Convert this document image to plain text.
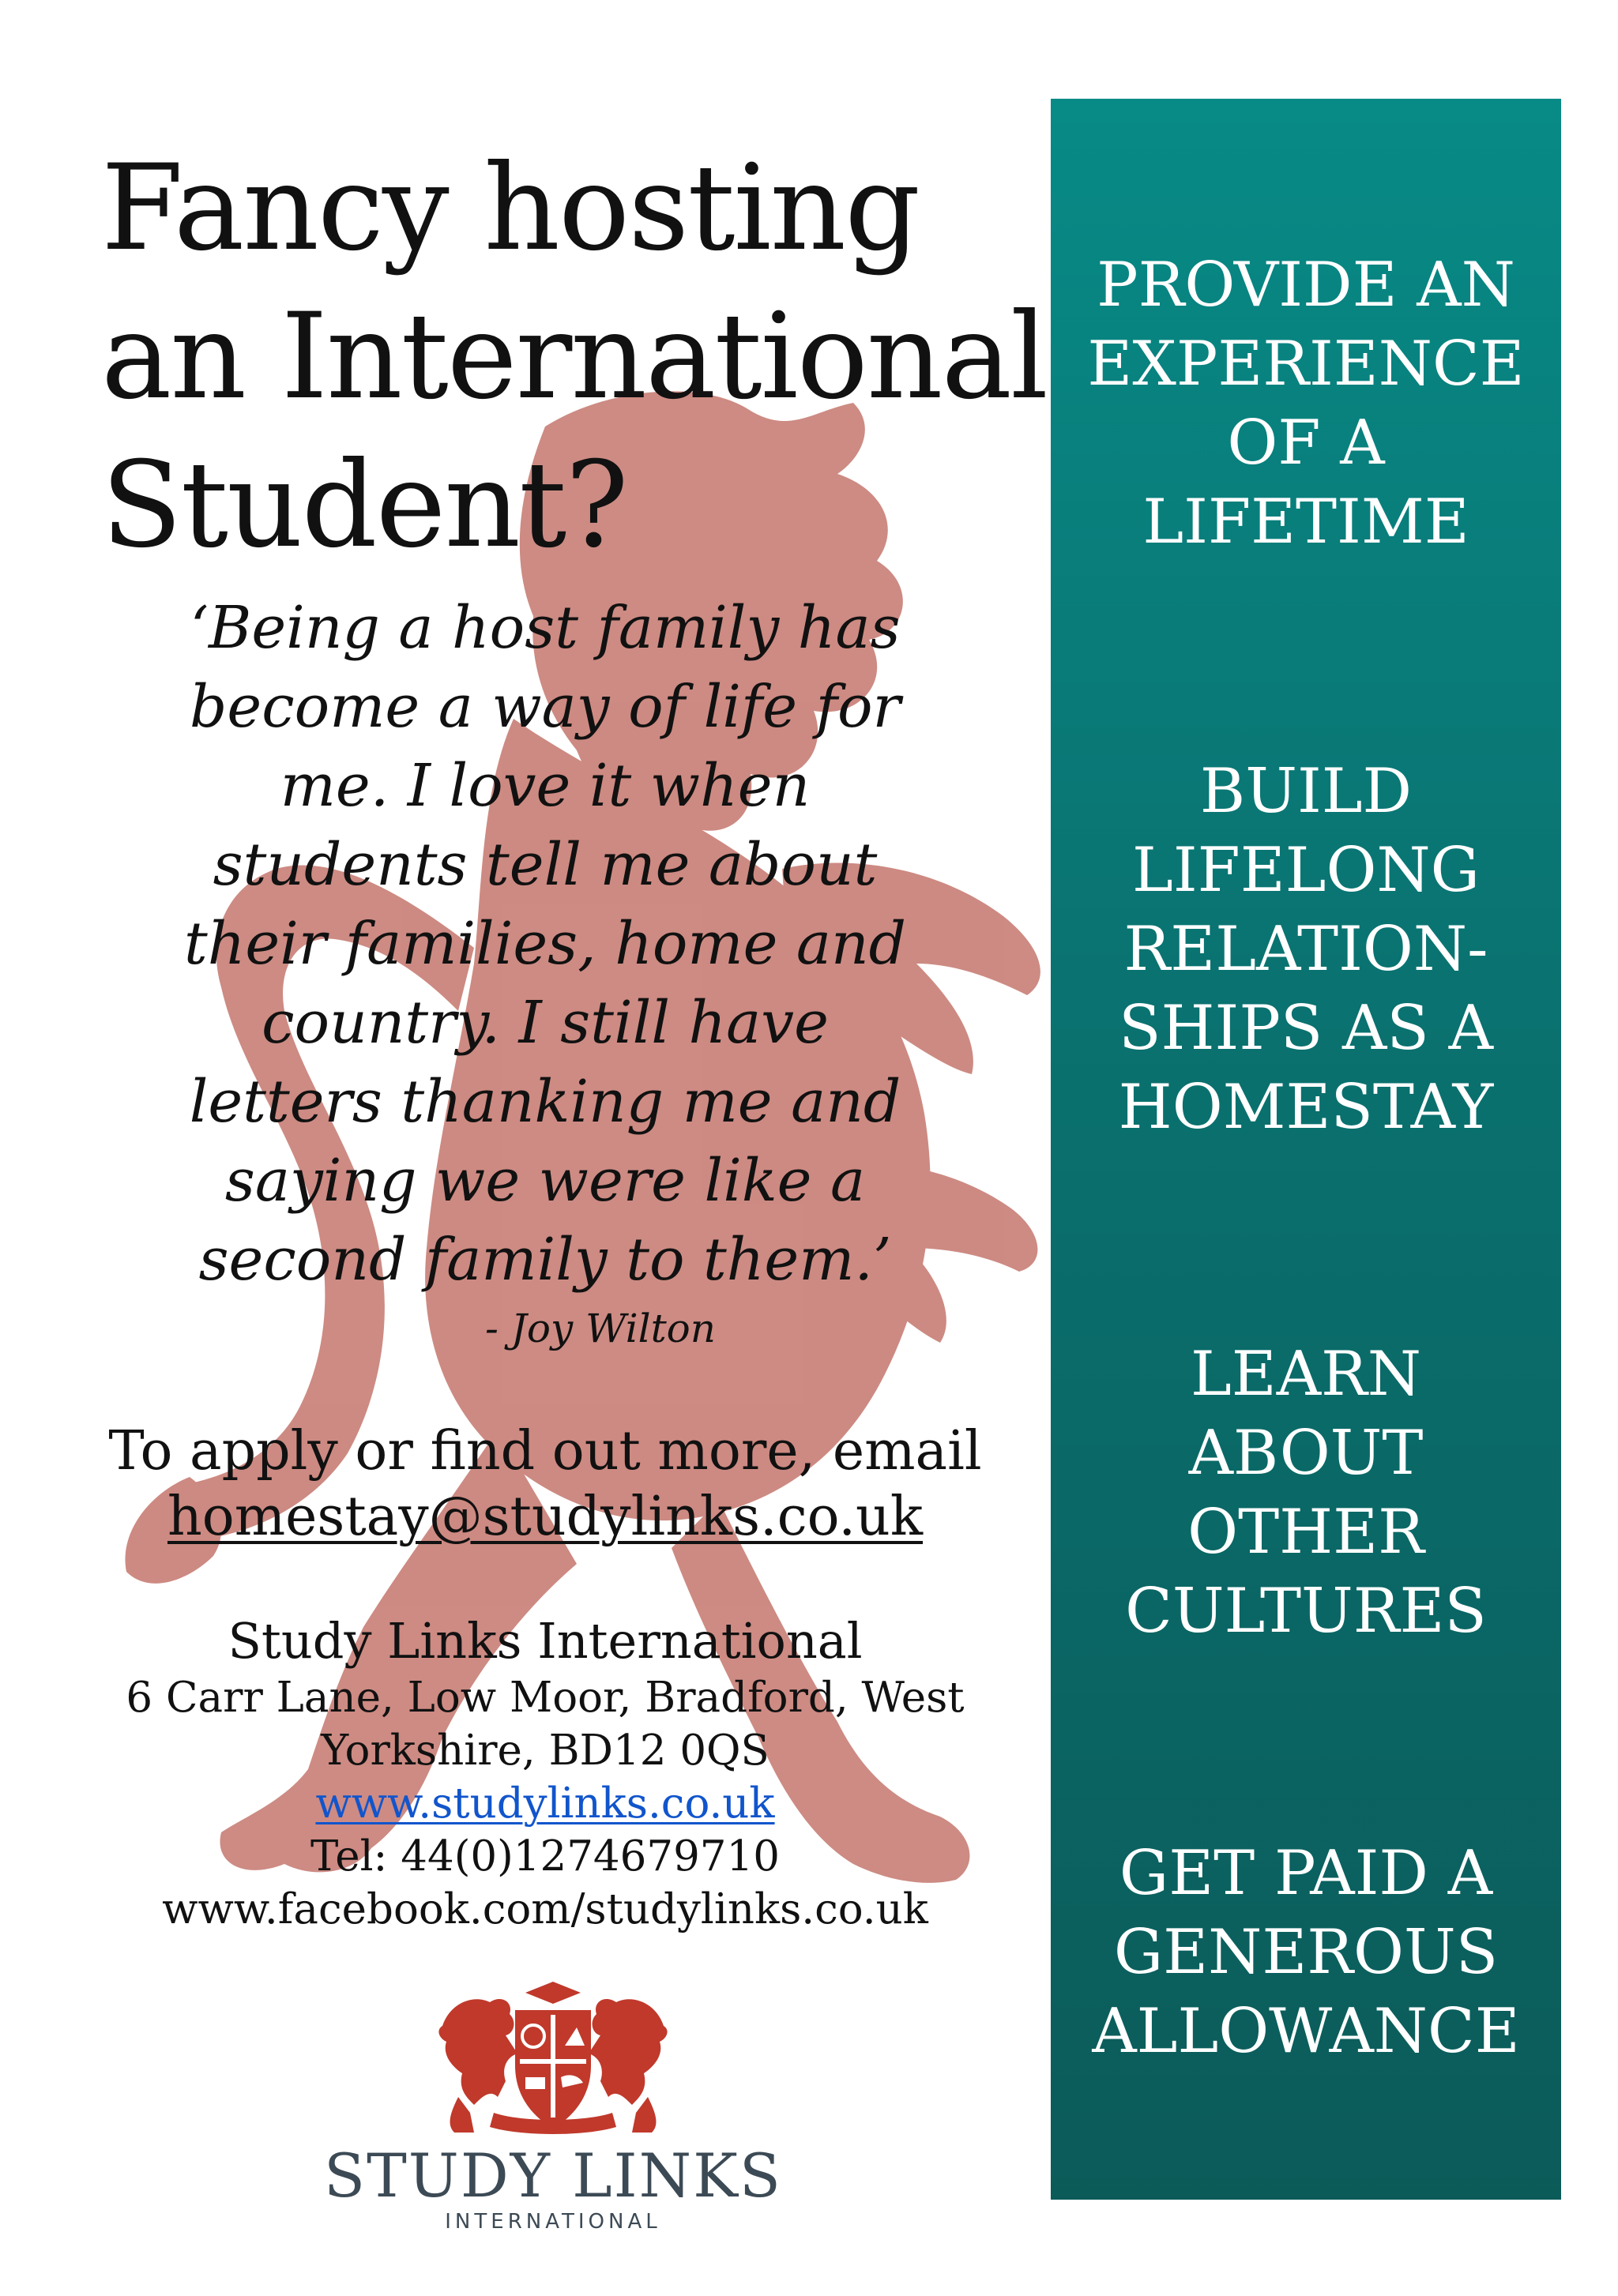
Fancy hosting
an International
Student?

‘Being a host family has
become a way of life for
me. I love it when
students tell me about
their families, home and
country. I still have
letters thanking me and
saying we were like a
second family to them.’

- Joy Wilton
To apply or find out more, email
homestay@studylinks.co.uk
Study Links International
6 Carr Lane, Low Moor, Bradford, West
Yorkshire, BD12 0QS
www.studylinks.co.uk
Tel: 44(0)1274679710
www.facebook.com/studylinks.co.uk
STUDY LINKS
INTERNATIONAL

PROVIDE AN
EXPERIENCE
OF A
LIFETIME

BUILD
LIFELONG
RELATION-
SHIPS AS A
HOMESTAY

LEARN
ABOUT
OTHER
CULTURES

GET PAID A
GENEROUS
ALLOWANCE
